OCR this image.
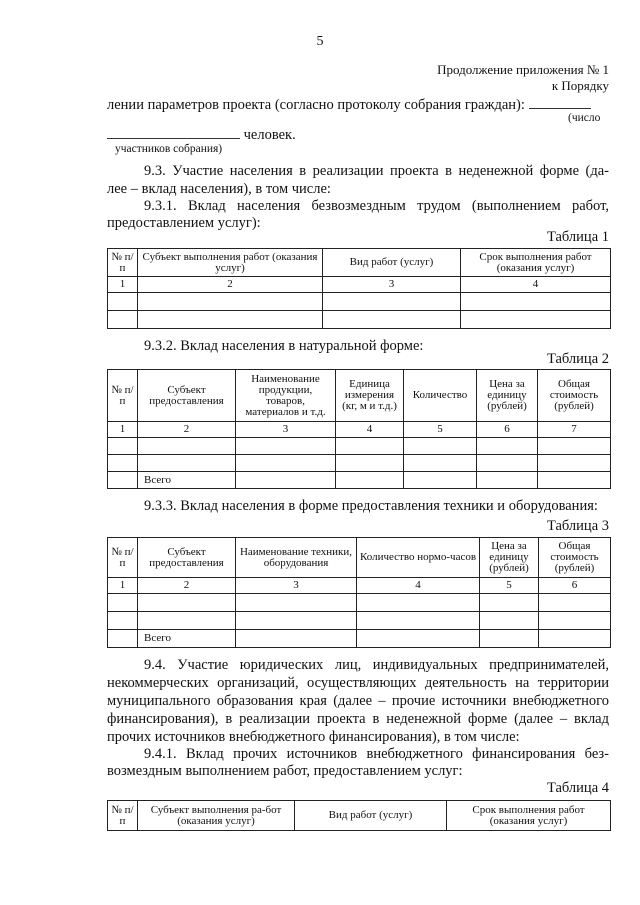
5
Продолжение приложения № 1
к Порядку
лении параметров проекта (согласно протоколу собрания граждан):
(число
человек.
участников собрания)
9.3. Участие населения в реализации проекта в неденежной форме (да-
лее – вклад населения), в том числе:
9.3.1. Вклад населения безвозмездным трудом (выполнением работ,
предоставлением услуг):
Таблица 1
№ п/п	Субъект выполнения работ (оказания услуг)	Вид работ (услуг)	Срок выполнения работ (оказания услуг)
1	2	3	4

9.3.2. Вклад населения в натуральной форме:
Таблица 2
№ п/п	Субъект предоставления	Наименование продукции, товаров, материалов и т.д.	Единица измерения (кг, м и т.д.)	Количество	Цена за единицу (рублей)	Общая стоимость (рублей)
1	2	3	4	5	6	7

	Всего					
9.3.3. Вклад населения в форме предоставления техники и оборудования:
Таблица 3
№ п/п	Субъект предоставления	Наименование техники, оборудования	Количество нормо-часов	Цена за единицу (рублей)	Общая стоимость (рублей)
1	2	3	4	5	6

	Всего				
9.4. Участие юридических лиц, индивидуальных предпринимателей,
некоммерческих организаций, осуществляющих деятельность на территории
муниципального образования края (далее – прочие источники внебюджетного
финансирования), в реализации проекта в неденежной форме (далее – вклад
прочих источников внебюджетного финансирования), в том числе:
9.4.1. Вклад прочих источников внебюджетного финансирования без-
возмездным выполнением работ, предоставлением услуг:
Таблица 4
№ п/п	Субъект выполнения ра-бот (оказания услуг)	Вид работ (услуг)	Срок выполнения работ (оказания услуг)
